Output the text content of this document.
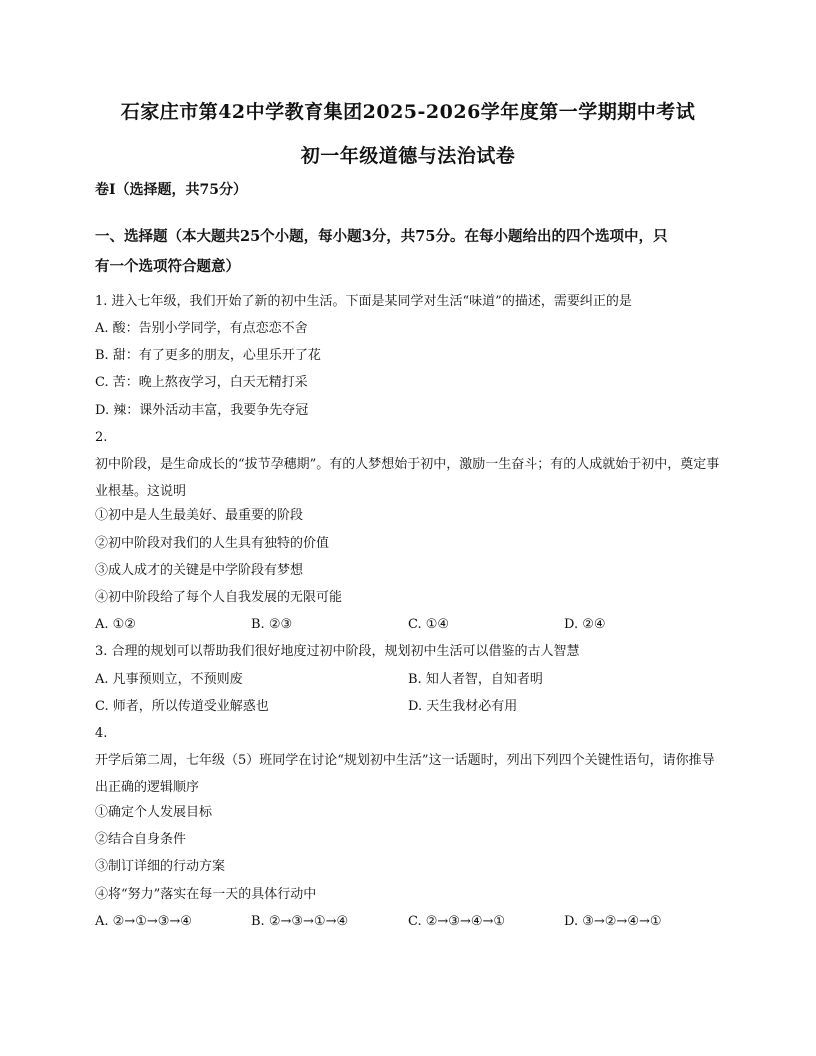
石家庄市第42中学教育集团2025-2026学年度第一学期期中考试
初一年级道德与法治试卷
卷Ⅰ（选择题，共75分）
一、选择题（本大题共25个小题，每小题3分，共75分。在每小题给出的四个选项中，只
有一个选项符合题意）
1. 进入七年级，我们开始了新的初中生活。下面是某同学对生活“味道”的描述，需要纠正的是
A. 酸：告别小学同学，有点恋恋不舍
B. 甜：有了更多的朋友，心里乐开了花
C. 苦：晚上熬夜学习，白天无精打采
D. 辣：课外活动丰富，我要争先夺冠
2.
初中阶段，是生命成长的“拔节孕穗期”。有的人梦想始于初中，激励一生奋斗；有的人成就始于初中，奠定事业根基。这说明
①初中是人生最美好、最重要的阶段
②初中阶段对我们的人生具有独特的价值
③成人成才的关键是中学阶段有梦想
④初中阶段给了每个人自我发展的无限可能
A. ①②	B. ②③	C. ①④	D. ②④
3. 合理的规划可以帮助我们很好地度过初中阶段，规划初中生活可以借鉴的古人智慧
A. 凡事预则立，不预则废	B. 知人者智，自知者明
C. 师者，所以传道受业解惑也	D. 天生我材必有用
4.
开学后第二周，七年级（5）班同学在讨论“规划初中生活”这一话题时，列出下列四个关键性语句，请你推导出正确的逻辑顺序
①确定个人发展目标
②结合自身条件
③制订详细的行动方案
④将“努力”落实在每一天的具体行动中
A. ②→①→③→④	B. ②→③→①→④	C. ②→③→④→①	D. ③→②→④→①
